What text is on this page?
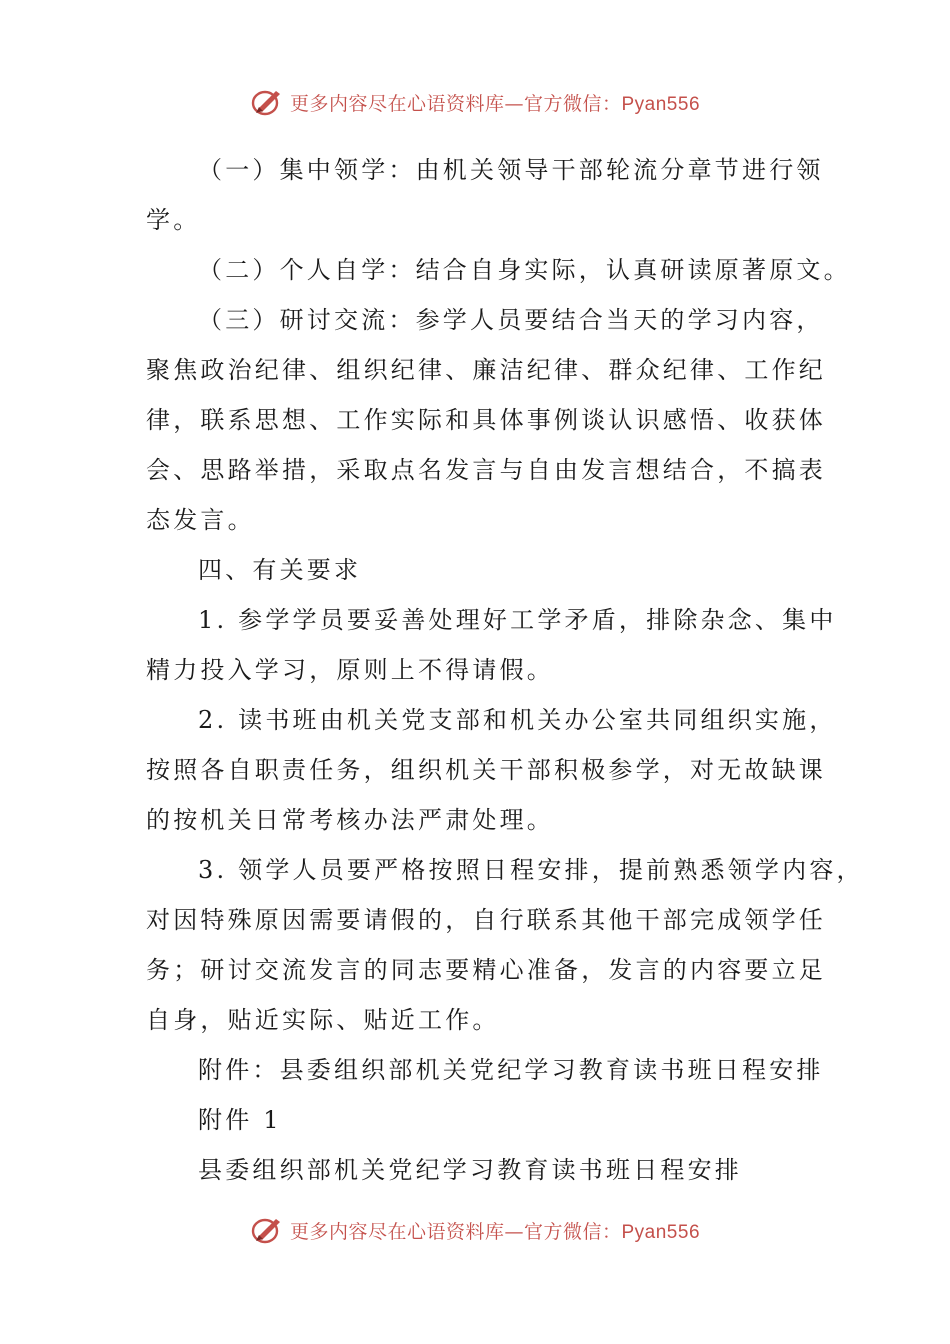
更多内容尽在心语资料库—官方微信：Pyan556
（一）集中领学：由机关领导干部轮流分章节进行领
学。
（二）个人自学：结合自身实际，认真研读原著原文。
（三）研讨交流：参学人员要结合当天的学习内容，
聚焦政治纪律、组织纪律、廉洁纪律、群众纪律、工作纪
律，联系思想、工作实际和具体事例谈认识感悟、收获体
会、思路举措，采取点名发言与自由发言想结合，不搞表
态发言。
四、有关要求
1. 参学学员要妥善处理好工学矛盾，排除杂念、集中
精力投入学习，原则上不得请假。
2. 读书班由机关党支部和机关办公室共同组织实施，
按照各自职责任务，组织机关干部积极参学，对无故缺课
的按机关日常考核办法严肃处理。
3. 领学人员要严格按照日程安排，提前熟悉领学内容，
对因特殊原因需要请假的，自行联系其他干部完成领学任
务；研讨交流发言的同志要精心准备，发言的内容要立足
自身，贴近实际、贴近工作。
附件：县委组织部机关党纪学习教育读书班日程安排
附件 1
县委组织部机关党纪学习教育读书班日程安排
更多内容尽在心语资料库—官方微信：Pyan556
